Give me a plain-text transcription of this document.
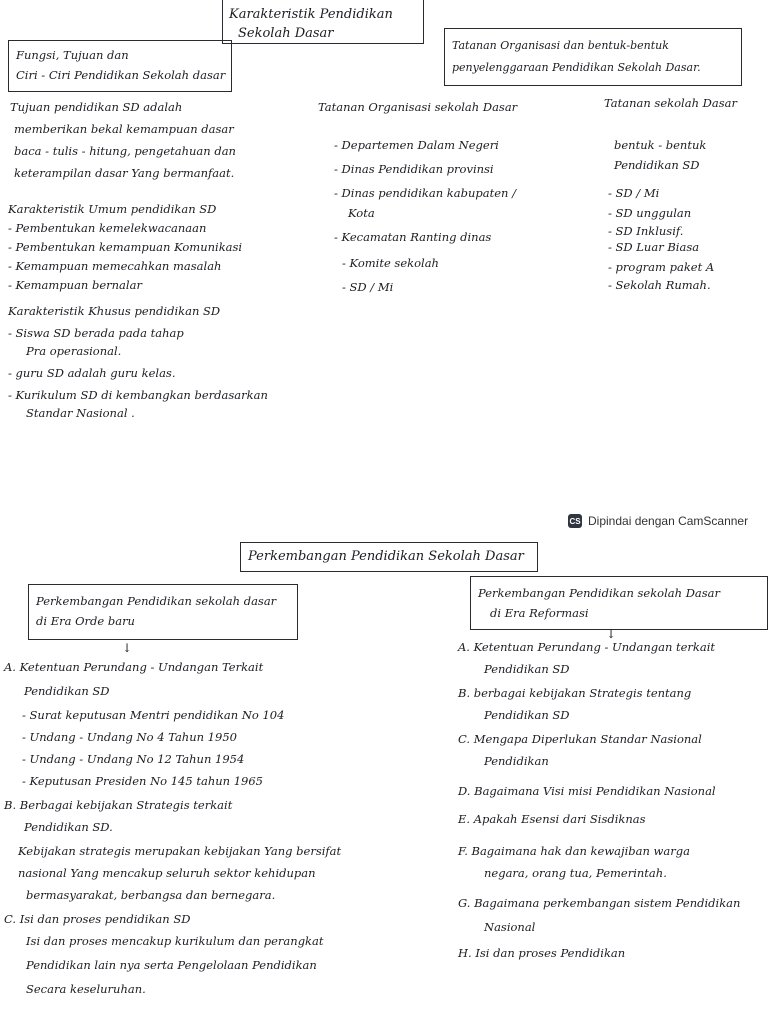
Karakteristik Pendidikan
Sekolah Dasar
Fungsi, Tujuan dan
Ciri - Ciri Pendidikan Sekolah dasar
Tatanan Organisasi dan bentuk-bentuk
penyelenggaraan Pendidikan Sekolah Dasar.
Tujuan pendidikan SD adalah
memberikan bekal kemampuan dasar
baca - tulis - hitung, pengetahuan dan
keterampilan dasar Yang bermanfaat.
Karakteristik Umum pendidikan SD
- Pembentukan kemelekwacanaan
- Pembentukan kemampuan Komunikasi
- Kemampuan memecahkan masalah
- Kemampuan bernalar
Karakteristik Khusus pendidikan SD
- Siswa SD berada pada tahap
Pra operasional.
- guru SD adalah guru kelas.
- Kurikulum SD di kembangkan berdasarkan
Standar Nasional .
Tatanan Organisasi sekolah Dasar
- Departemen Dalam Negeri
- Dinas Pendidikan provinsi
- Dinas pendidikan kabupaten /
Kota
- Kecamatan Ranting dinas
- Komite sekolah
- SD / Mi
Tatanan sekolah Dasar
bentuk - bentuk
Pendidikan SD
- SD / Mi
- SD unggulan
- SD Inklusif.
- SD Luar Biasa
- program paket A
- Sekolah Rumah.
CS Dipindai dengan CamScanner
Perkembangan Pendidikan Sekolah Dasar
Perkembangan Pendidikan sekolah dasar
di Era Orde baru
↓
Perkembangan Pendidikan sekolah Dasar
di Era Reformasi
↓
A. Ketentuan Perundang - Undangan Terkait
Pendidikan SD
- Surat keputusan Mentri pendidikan No 104
- Undang - Undang No 4 Tahun 1950
- Undang - Undang No 12 Tahun 1954
- Keputusan Presiden No 145 tahun 1965
B. Berbagai kebijakan Strategis terkait
Pendidikan SD.
Kebijakan strategis merupakan kebijakan Yang bersifat
nasional Yang mencakup seluruh sektor kehidupan
bermasyarakat, berbangsa dan bernegara.
C. Isi dan proses pendidikan SD
Isi dan proses mencakup kurikulum dan perangkat
Pendidikan lain nya serta Pengelolaan Pendidikan
Secara keseluruhan.
A. Ketentuan Perundang - Undangan terkait
Pendidikan SD
B. berbagai kebijakan Strategis tentang
Pendidikan SD
C. Mengapa Diperlukan Standar Nasional
Pendidikan
D. Bagaimana Visi misi Pendidikan Nasional
E. Apakah Esensi dari Sisdiknas
F. Bagaimana hak dan kewajiban warga
negara, orang tua, Pemerintah.
G. Bagaimana perkembangan sistem Pendidikan
Nasional
H. Isi dan proses Pendidikan
